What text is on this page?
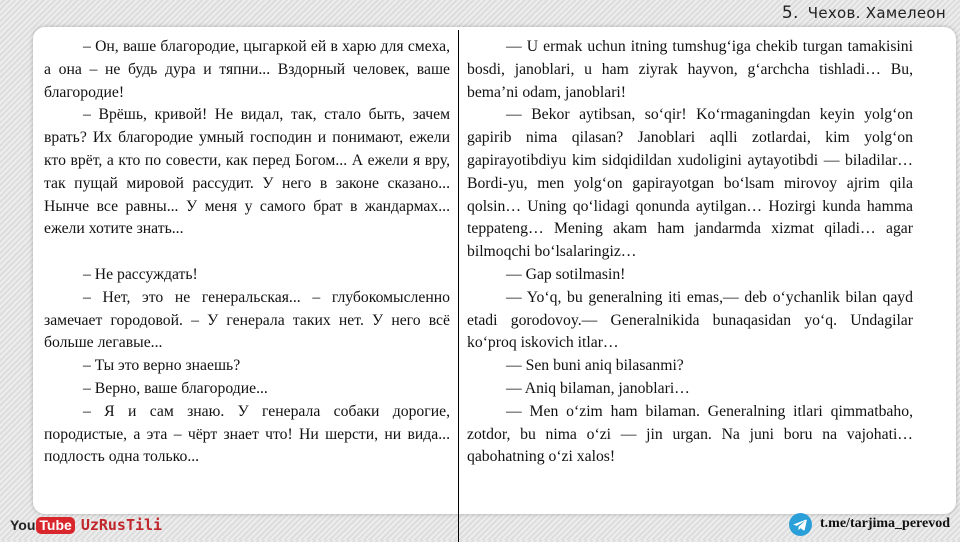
5. Чехов. Хамелеон

– Он, ваше благородие, цыгаркой ей в харю для смеха, а она – не будь дура и тяпни... Вздорный человек, ваше благородие!

– Врёшь, кривой! Не видал, так, стало быть, зачем врать? Их благородие умный господин и понимают, ежели кто врёт, а кто по совести, как перед Богом... А ежели я вру, так пущай мировой рассудит. У него в законе сказано... Нынче все равны... У меня у самого брат в жандармах... ежели хотите знать...

– Не рассуждать!

– Нет, это не генеральская... – глубокомысленно замечает городовой. – У генерала таких нет. У него всё больше легавые...

– Ты это верно знаешь?

– Верно, ваше благородие...

– Я и сам знаю. У генерала собаки дорогие, породистые, а эта – чёрт знает что! Ни шерсти, ни вида... подлость одна только...

— U ermak uchun itning tumshug‘iga chekib turgan tamakisini bosdi, janoblari, u ham ziyrak hayvon, g‘archcha tishladi… Bu, bema’ni odam, janoblari!

— Bekor aytibsan, so‘qir! Ko‘rmaganingdan keyin yolg‘on gapirib nima qilasan? Janoblari aqlli zotlardai, kim yolg‘on gapirayotibdiyu kim sidqidildan xudoligini aytayotibdi — biladilar… Bordi-yu, men yolg‘on gapirayotgan bo‘lsam mirovoy ajrim qila qolsin… Uning qo‘lidagi qonunda aytilgan… Hozirgi kunda hamma teppateng… Mening akam ham jandarmda xizmat qiladi… agar bilmoqchi bo‘lsalaringiz…

— Gap sotilmasin!

— Yo‘q, bu generalning iti emas,— deb o‘ychanlik bilan qayd etadi gorodovoy.— Generalnikida bunaqasidan yo‘q. Undagilar ko‘proq iskovich itlar…

— Sen buni aniq bilasanmi?

— Aniq bilaman, janoblari…

— Men o‘zim ham bilaman. Generalning itlari qimmatbaho, zotdor, bu nima o‘zi — jin urgan. Na juni boru na vajohati… qabohatning o‘zi xalos!

You Tube UzRusTili	t.me/tarjima_perevod
